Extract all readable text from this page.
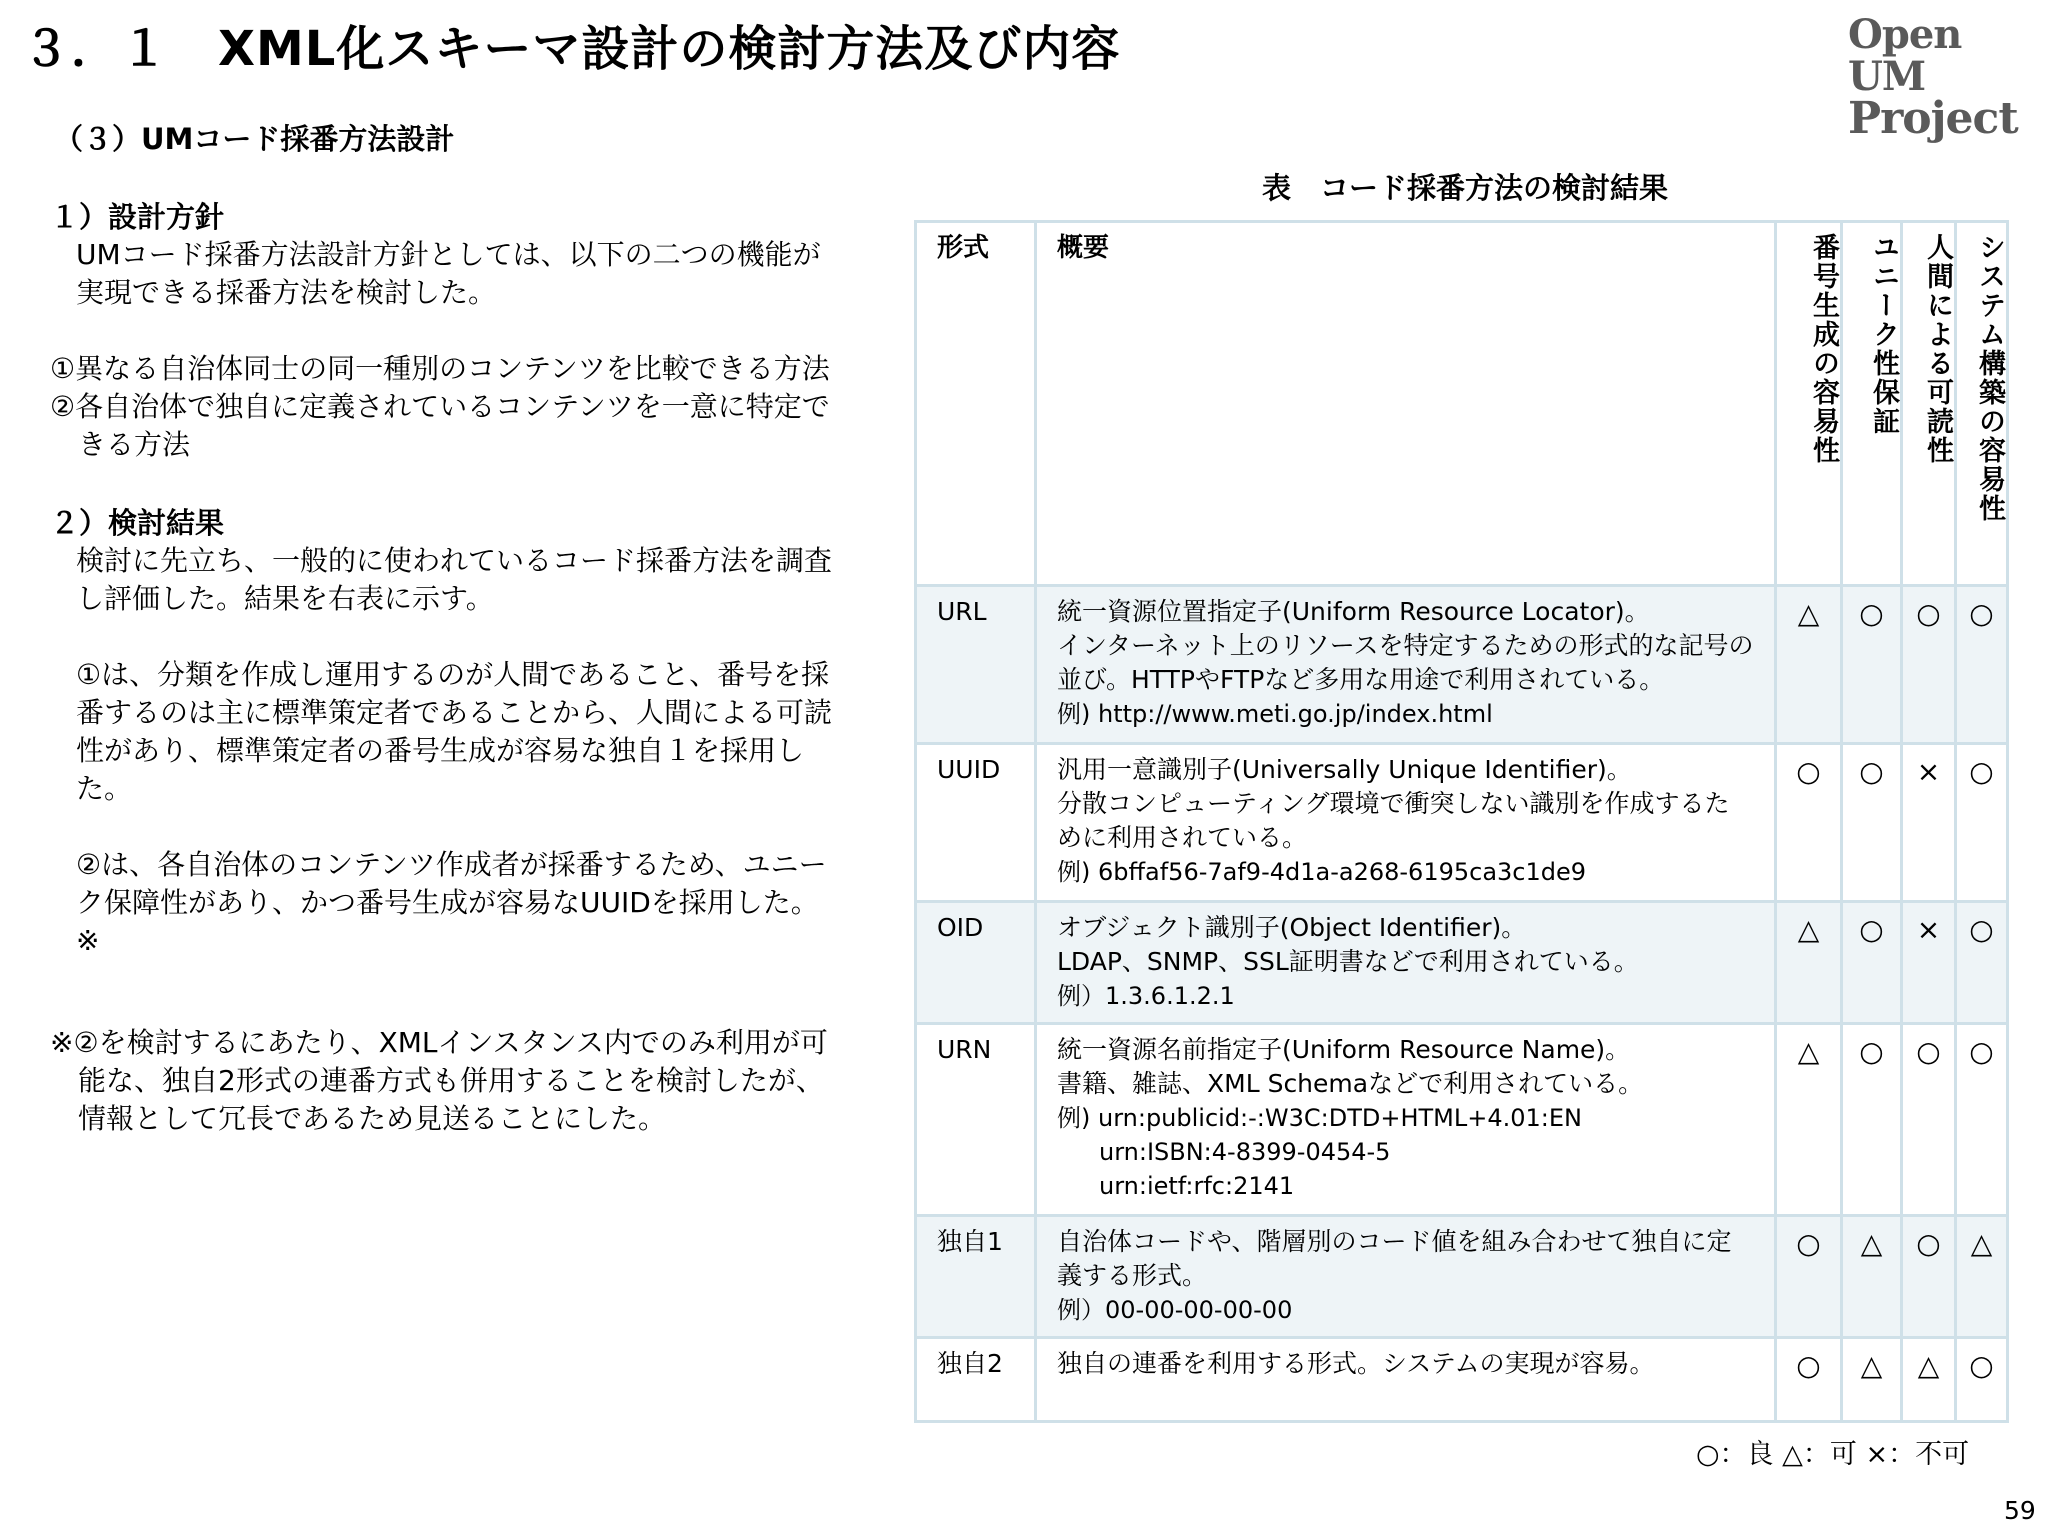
３．１　XML化スキーマ設計の検討方法及び内容	Open UM
Project

（３）UMコード採番方法設計

１）設計方針

UMコード採番方法設計方針としては、以下の二つの機能が実現できる採番方法を検討した。

①異なる自治体同士の同一種別のコンテンツを比較できる方法

②各自治体で独自に定義されているコンテンツを一意に特定できる方法

２）検討結果

検討に先立ち、一般的に使われているコード採番方法を調査し評価した。結果を右表に示す。

①は、分類を作成し運用するのが人間であること、番号を採番するのは主に標準策定者であることから、人間による可読性があり、標準策定者の番号生成が容易な独自１を採用した。

②は、各自治体のコンテンツ作成者が採番するため、ユニーク保障性があり、かつ番号生成が容易なUUIDを採用した。※

※②を検討するにあたり、XMLインスタンス内でのみ利用が可能な、独自2形式の連番方式も併用することを検討したが、情報として冗長であるため見送ることにした。

表　コード採番方法の検討結果
形式	概要	番号生成の容易性	ユニーク性保証	人間による可読性	システム構築の容易性
URL	統一資源位置指定子(Uniform Resource Locator)。
インターネット上のリソースを特定するための形式的な記号の並び。HTTPやFTPなど多用な用途で利用されている。
例) http://www.meti.go.jp/index.html	△	○	○	○
UUID	汎用一意識別子(Universally Unique Identifier)。
分散コンピューティング環境で衝突しない識別を作成するために利用されている。
例) 6bffaf56-7af9-4d1a-a268-6195ca3c1de9	○	○	×	○
OID	オブジェクト識別子(Object Identifier)。
LDAP、SNMP、SSL証明書などで利用されている。
例）1.3.6.1.2.1	△	○	×	○
URN	統一資源名前指定子(Uniform Resource Name)。
書籍、雑誌、XML Schemaなどで利用されている。
例) urn:publicid:-:W3C:DTD+HTML+4.01:EN
urn:ISBN:4-8399-0454-5
urn:ietf:rfc:2141	△	○	○	○
独自1	自治体コードや、階層別のコード値を組み合わせて独自に定義する形式。
例）00-00-00-00-00	○	△	○	△
独自2	独自の連番を利用する形式。システムの実現が容易。	○	△	△	○
○：良 △：可 ×：不可
59
